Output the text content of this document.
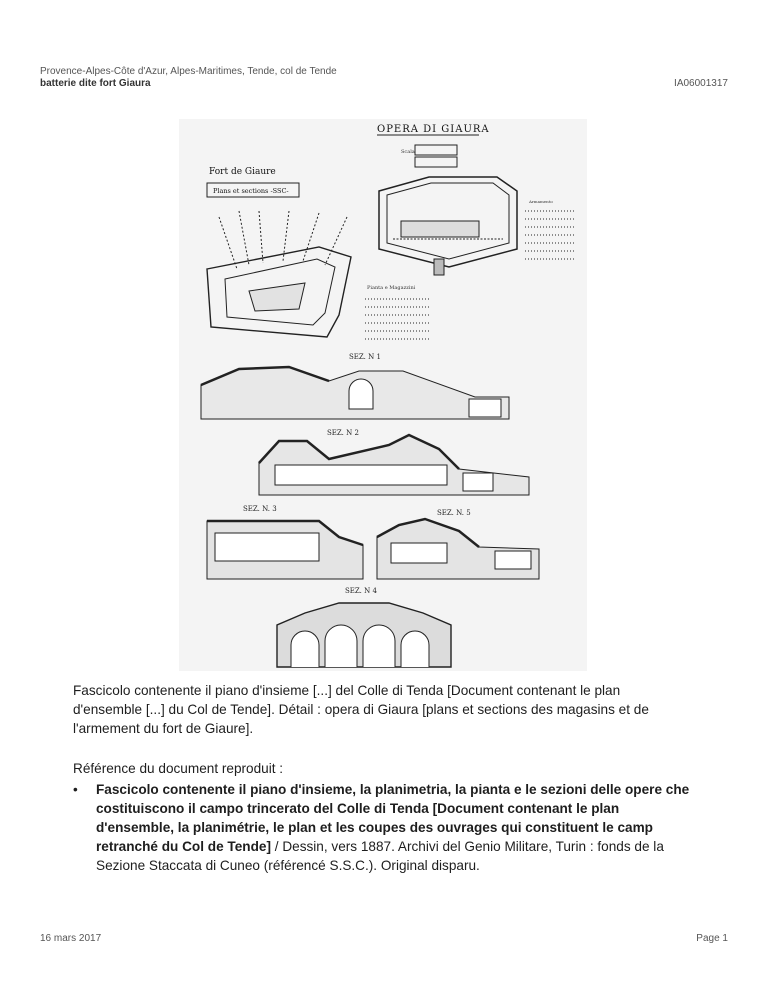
Provence-Alpes-Côte d'Azur, Alpes-Maritimes, Tende, col de Tende
batterie dite fort Giaura	IA06001317
OPERA DI GIAURA
Scala
Fort de Giaure
Plans et sections -SSC-
Armamento
Pianta e Magazzini
SEZ. N 1
SEZ. N 2
SEZ. N. 3	SEZ. N. 5
SEZ. N 4
Fascicolo contenente il piano d'insieme [...] del Colle di Tenda [Document contenant le plan d'ensemble [...] du Col de Tende]. Détail : opera di Giaura [plans et sections des magasins et de l'armement du fort de Giaure].
Référence du document reproduit :
• Fascicolo contenente il piano d'insieme, la planimetria, la pianta e le sezioni delle opere che costituiscono il campo trincerato del Colle di Tenda [Document contenant le plan d'ensemble, la planimétrie, le plan et les coupes des ouvrages qui constituent le camp retranché du Col de Tende] / Dessin, vers 1887. Archivi del Genio Militare, Turin : fonds de la Sezione Staccata di Cuneo (référencé S.S.C.). Original disparu.
16 mars 2017	Page 1
